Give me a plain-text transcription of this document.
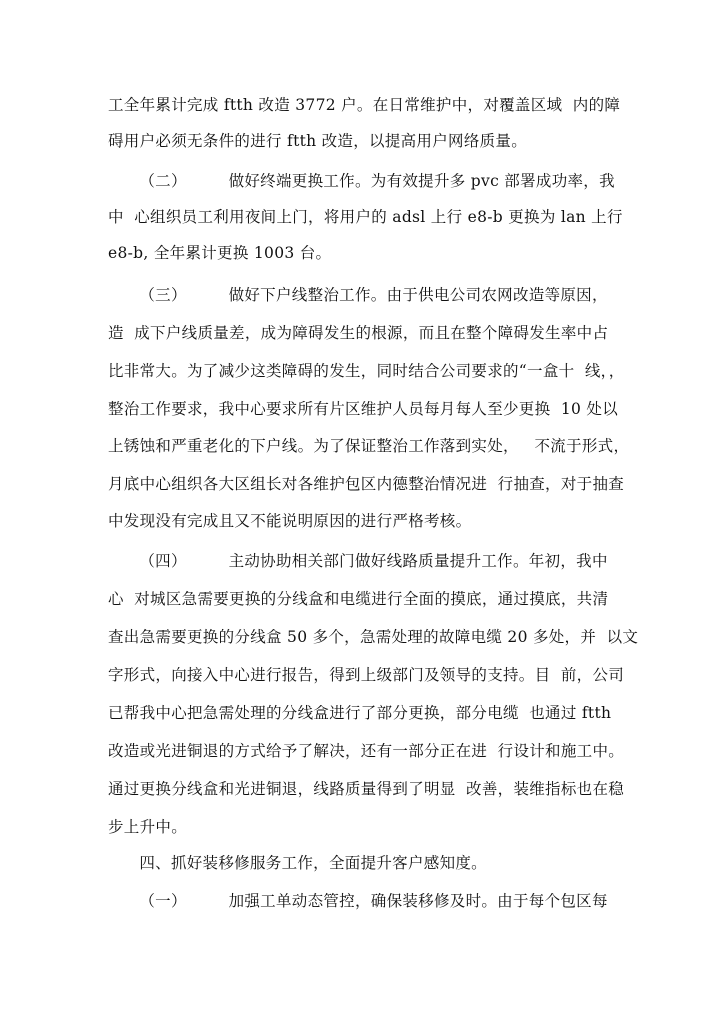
工全年累计完成 ftth 改造 3772 户。在日常维护中，对覆盖区域  内的障
碍用户必须无条件的进行 ftth 改造，以提高用户网络质量。
（二）        做好终端更换工作。为有效提升多 pvc 部署成功率，我
中  心组织员工利用夜间上门，将用户的 adsl 上行 e8-b 更换为 lan 上行
e8-b, 全年累计更换 1003 台。
（三）        做好下户线整治工作。由于供电公司农网改造等原因，
造  成下户线质量差，成为障碍发生的根源，而且在整个障碍发生率中占
比非常大。为了减少这类障碍的发生，同时结合公司要求的“一盒十  线，，
整治工作要求，我中心要求所有片区维护人员每月每人至少更换  10 处以
上锈蚀和严重老化的下户线。为了保证整治工作落到实处，   不流于形式，
月底中心组织各大区组长对各维护包区内德整治情况进  行抽查，对于抽查
中发现没有完成且又不能说明原因的进行严格考核。
（四）        主动协助相关部门做好线路质量提升工作。年初，我中
心  对城区急需要更换的分线盒和电缆进行全面的摸底，通过摸底，共清
查出急需要更换的分线盒 50 多个，急需处理的故障电缆 20 多处，并  以文
字形式，向接入中心进行报告，得到上级部门及领导的支持。目  前，公司
已帮我中心把急需处理的分线盒进行了部分更换，部分电缆  也通过 ftth
改造或光进铜退的方式给予了解决，还有一部分正在进  行设计和施工中。
通过更换分线盒和光进铜退，线路质量得到了明显  改善，装维指标也在稳
步上升中。
四、抓好装移修服务工作，全面提升客户感知度。
（一）        加强工单动态管控，确保装移修及时。由于每个包区每
